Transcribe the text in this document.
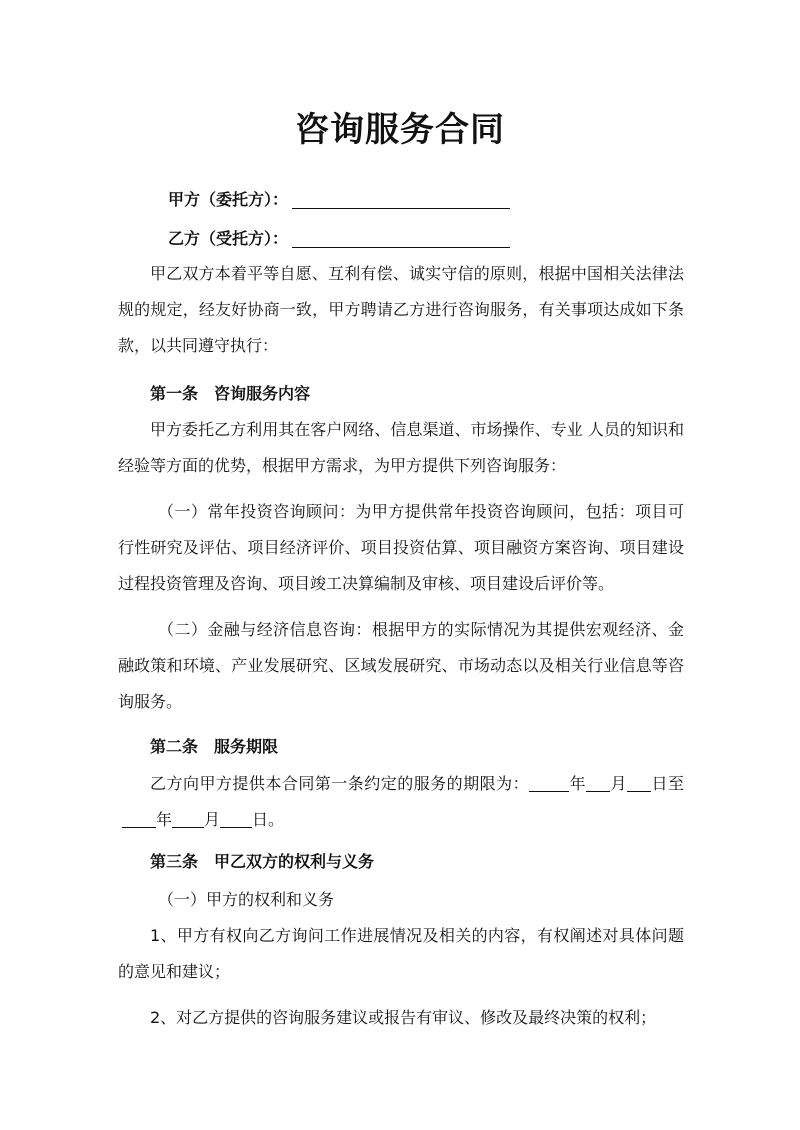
咨询服务合同
甲方（委托方）：
乙方（受托方）：
甲乙双方本着平等自愿、互利有偿、诚实守信的原则，根据中国相关法律法规的规定，经友好协商一致，甲方聘请乙方进行咨询服务，有关事项达成如下条款，以共同遵守执行：
第一条　咨询服务内容
甲方委托乙方利用其在客户网络、信息渠道、市场操作、专业 人员的知识和经验等方面的优势，根据甲方需求，为甲方提供下列咨询服务：
（一）常年投资咨询顾问：为甲方提供常年投资咨询顾问，包括：项目可行性研究及评估、项目经济评价、项目投资估算、项目融资方案咨询、项目建设过程投资管理及咨询、项目竣工决算编制及审核、项目建设后评价等。
（二）金融与经济信息咨询：根据甲方的实际情况为其提供宏观经济、金融政策和环境、产业发展研究、区域发展研究、市场动态以及相关行业信息等咨询服务。
第二条　服务期限
乙方向甲方提供本合同第一条约定的服务的期限为：	年 月 日至年 月 日。
第三条　甲乙双方的权利与义务
（一）甲方的权利和义务
1、甲方有权向乙方询问工作进展情况及相关的内容，有权阐述对具体问题的意见和建议；
2、对乙方提供的咨询服务建议或报告有审议、修改及最终决策的权利；
